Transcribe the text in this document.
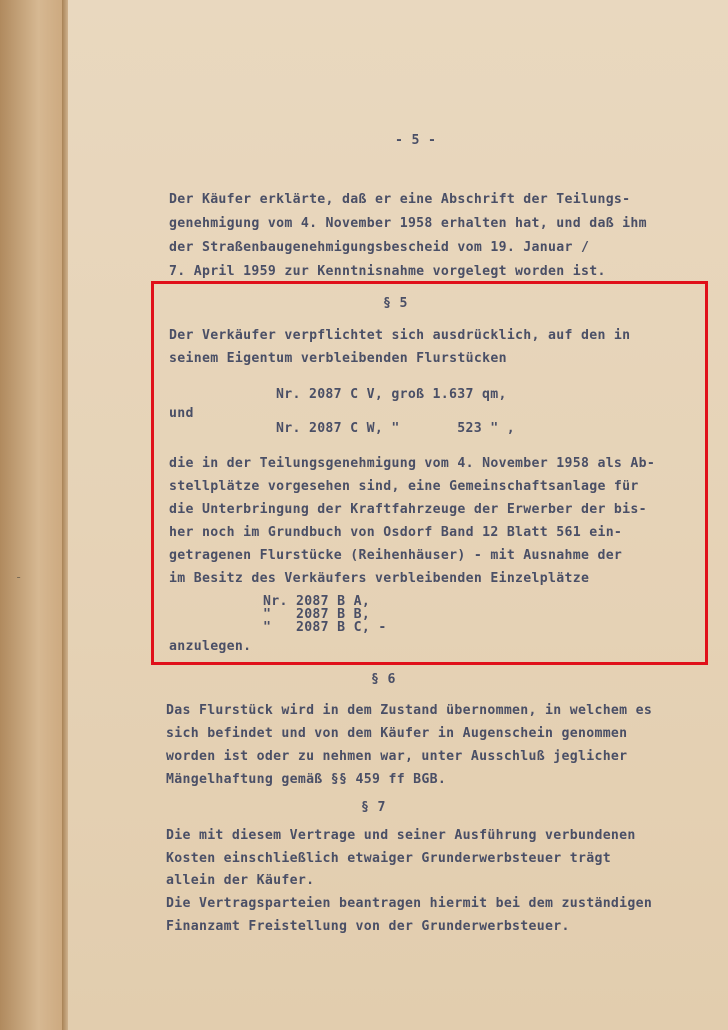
-
- 5 -
Der Käufer erklärte, daß er eine Abschrift der Teilungs-
genehmigung vom 4. November 1958 erhalten hat, und daß ihm
der Straßenbaugenehmigungsbescheid vom 19. Januar /
7. April 1959 zur Kenntnisnahme vorgelegt worden ist.
§ 5
Der Verkäufer verpflichtet sich ausdrücklich, auf den in
seinem Eigentum verbleibenden Flurstücken
Nr. 2087 C V, groß 1.637 qm,
und
Nr. 2087 C W, "       523 " ,
die in der Teilungsgenehmigung vom 4. November 1958 als Ab-
stellplätze vorgesehen sind, eine Gemeinschaftsanlage für
die Unterbringung der Kraftfahrzeuge der Erwerber der bis-
her noch im Grundbuch von Osdorf Band 12 Blatt 561 ein-
getragenen Flurstücke (Reihenhäuser) - mit Ausnahme der
im Besitz des Verkäufers verbleibenden Einzelplätze
Nr. 2087 B A,
"   2087 B B,
"   2087 B C, -
anzulegen.
§ 6
Das Flurstück wird in dem Zustand übernommen, in welchem es
sich befindet und von dem Käufer in Augenschein genommen
worden ist oder zu nehmen war, unter Ausschluß jeglicher
Mängelhaftung gemäß §§ 459 ff BGB.
§ 7
Die mit diesem Vertrage und seiner Ausführung verbundenen
Kosten einschließlich etwaiger Grunderwerbsteuer trägt
allein der Käufer.
Die Vertragsparteien beantragen hiermit bei dem zuständigen
Finanzamt Freistellung von der Grunderwerbsteuer.
